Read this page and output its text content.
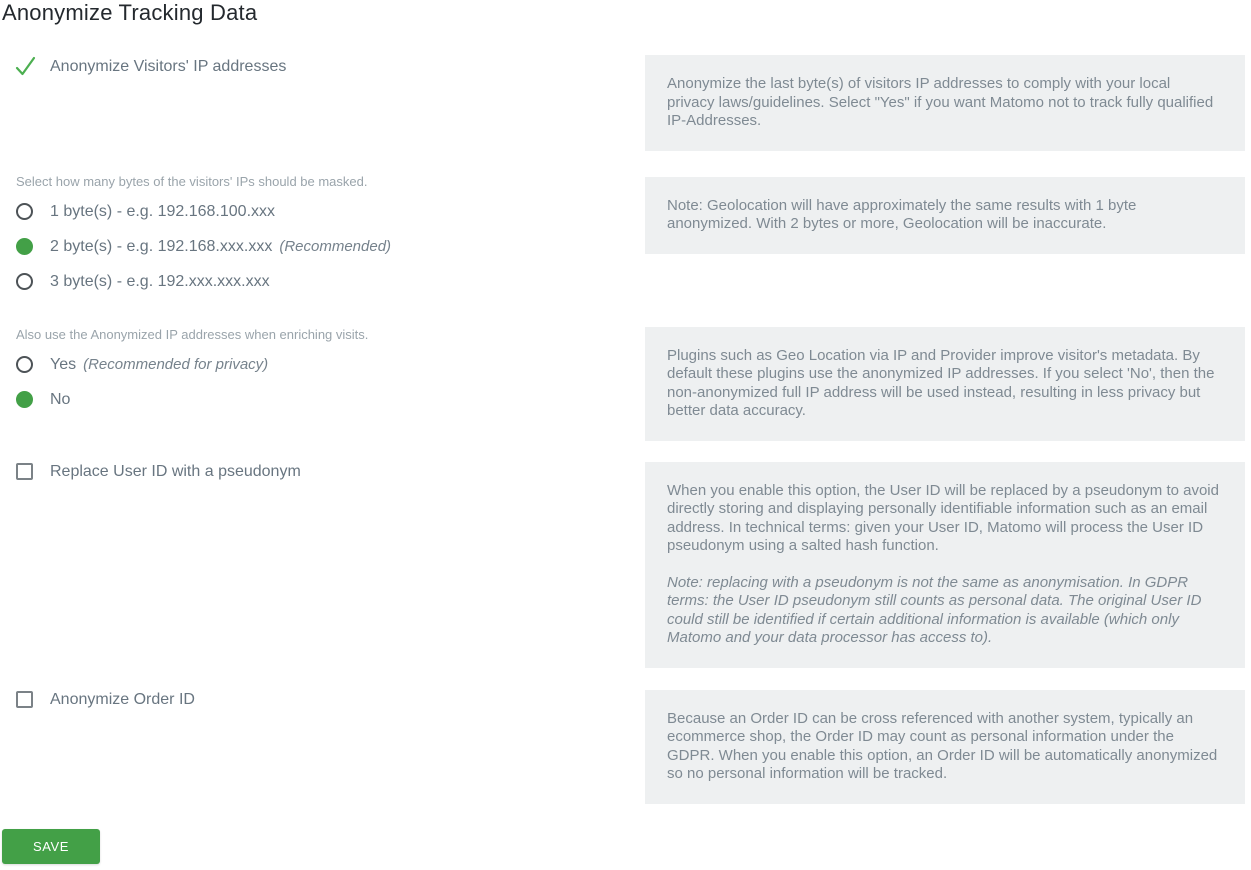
Anonymize Tracking Data
Anonymize Visitors' IP addresses

Anonymize the last byte(s) of visitors IP addresses to comply with your local privacy laws/guidelines. Select "Yes" if you want Matomo not to track fully qualified IP-Addresses.

Select how many bytes of the visitors' IPs should be masked.
1 byte(s) - e.g. 192.168.100.xxx
2 byte(s) - e.g. 192.168.xxx.xxx (Recommended)
3 byte(s) - e.g. 192.xxx.xxx.xxx

Note: Geolocation will have approximately the same results with 1 byte anonymized. With 2 bytes or more, Geolocation will be inaccurate.

Also use the Anonymized IP addresses when enriching visits.
Yes (Recommended for privacy)
No

Plugins such as Geo Location via IP and Provider improve visitor's metadata. By default these plugins use the anonymized IP addresses. If you select 'No', then the non-anonymized full IP address will be used instead, resulting in less privacy but better data accuracy.

Replace User ID with a pseudonym

When you enable this option, the User ID will be replaced by a pseudonym to avoid directly storing and displaying personally identifiable information such as an email address. In technical terms: given your User ID, Matomo will process the User ID pseudonym using a salted hash function.

Note: replacing with a pseudonym is not the same as anonymisation. In GDPR terms: the User ID pseudonym still counts as personal data. The original User ID could still be identified if certain additional information is available (which only Matomo and your data processor has access to).

Anonymize Order ID

Because an Order ID can be cross referenced with another system, typically an ecommerce shop, the Order ID may count as personal information under the GDPR. When you enable this option, an Order ID will be automatically anonymized so no personal information will be tracked.

SAVE
